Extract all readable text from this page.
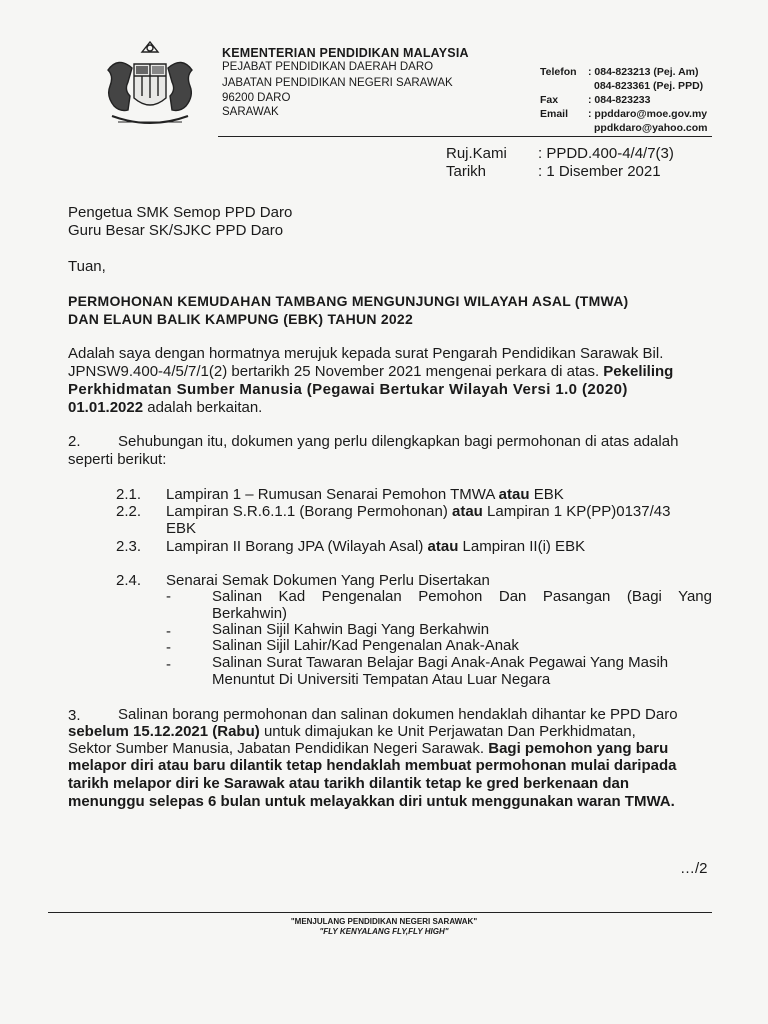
KEMENTERIAN PENDIDIKAN MALAYSIA
PEJABAT PENDIDIKAN DAERAH DARO
JABATAN PENDIDIKAN NEGERI SARAWAK
96200 DARO
SARAWAK
Telefon : 084-823213 (Pej. Am)
084-823361 (Pej. PPD)
Fax	: 084-823233
Email : ppddaro@moe.gov.my
ppdkdaro@yahoo.com
Ruj.Kami : PPDD.400-4/4/7(3)
Tarikh	: 1 Disember 2021
Pengetua SMK Semop PPD Daro
Guru Besar SK/SJKC PPD Daro
Tuan,
PERMOHONAN KEMUDAHAN TAMBANG MENGUNJUNGI WILAYAH ASAL (TMWA)
DAN ELAUN BALIK KAMPUNG (EBK) TAHUN 2022
Adalah saya dengan hormatnya merujuk kepada surat Pengarah Pendidikan Sarawak Bil.
JPNSW9.400-4/5/7/1(2) bertarikh 25 November 2021 mengenai perkara di atas. Pekeliling
Perkhidmatan Sumber Manusia (Pegawai Bertukar Wilayah Versi 1.0 (2020)
01.01.2022 adalah berkaitan.
2. Sehubungan itu, dokumen yang perlu dilengkapkan bagi permohonan di atas adalah
seperti berikut:
2.1. Lampiran 1 – Rumusan Senarai Pemohon TMWA atau EBK
2.2. Lampiran S.R.6.1.1 (Borang Permohonan) atau Lampiran 1 KP(PP)0137/43
EBK
2.3. Lampiran II Borang JPA (Wilayah Asal) atau Lampiran II(i) EBK
2.4. Senarai Semak Dokumen Yang Perlu Disertakan
-	Salinan Kad Pengenalan Pemohon Dan Pasangan (Bagi Yang
Berkahwin)
-	Salinan Sijil Kahwin Bagi Yang Berkahwin
-	Salinan Sijil Lahir/Kad Pengenalan Anak-Anak
-	Salinan Surat Tawaran Belajar Bagi Anak-Anak Pegawai Yang Masih
Menuntut Di Universiti Tempatan Atau Luar Negara
3. Salinan borang permohonan dan salinan dokumen hendaklah dihantar ke PPD Daro
sebelum 15.12.2021 (Rabu) untuk dimajukan ke Unit Perjawatan Dan Perkhidmatan,
Sektor Sumber Manusia, Jabatan Pendidikan Negeri Sarawak. Bagi pemohon yang baru
melapor diri atau baru dilantik tetap hendaklah membuat permohonan mulai daripada
tarikh melapor diri ke Sarawak atau tarikh dilantik tetap ke gred berkenaan dan
menunggu selepas 6 bulan untuk melayakkan diri untuk menggunakan waran TMWA.
…/2
"MENJULANG PENDIDIKAN NEGERI SARAWAK"
"FLY KENYALANG FLY,FLY HIGH"
